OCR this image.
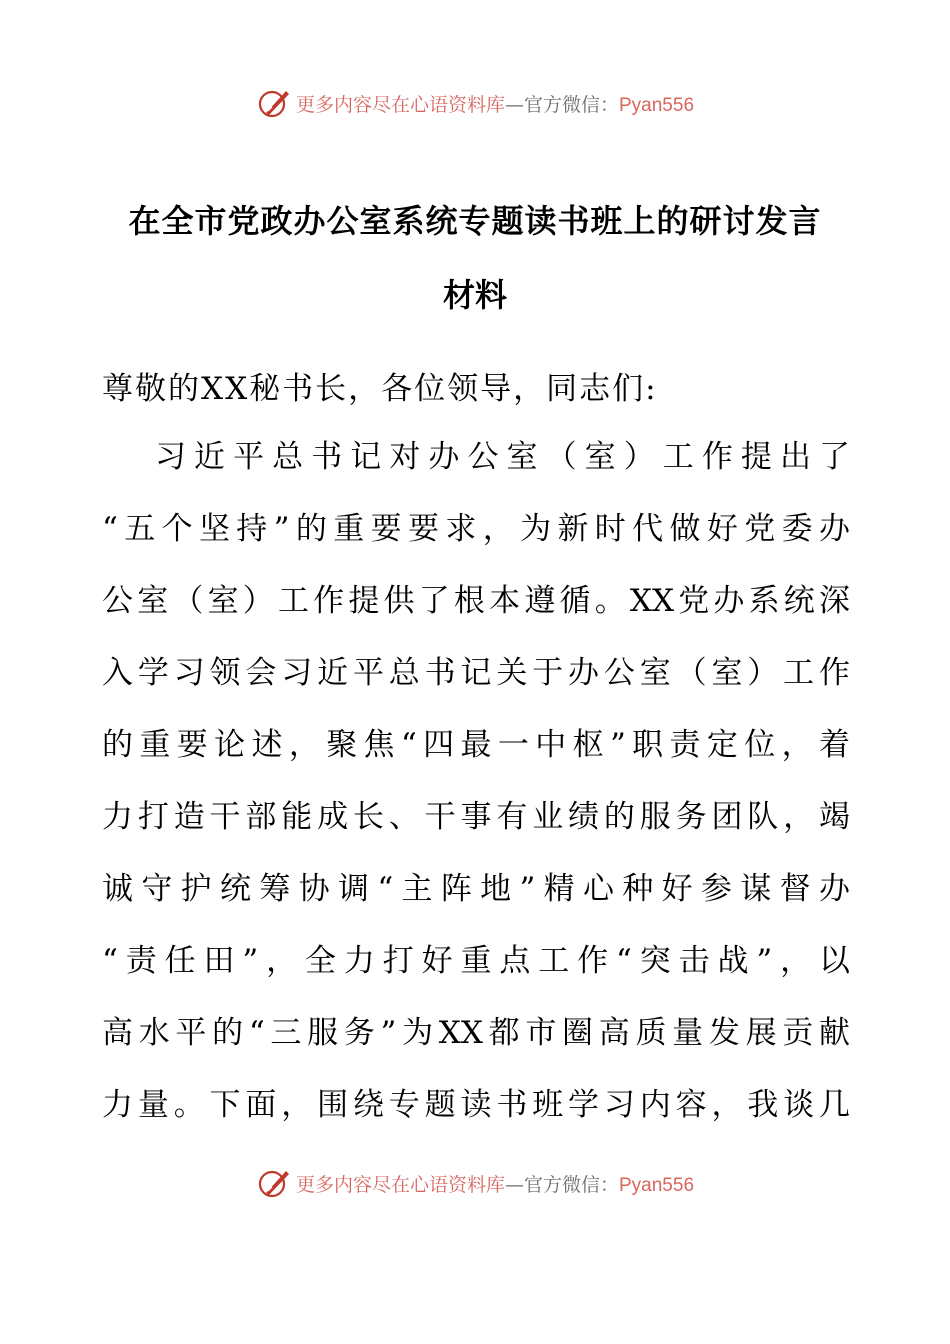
更多内容尽在心语资料库—官方微信：Pyan556
在全市党政办公室系统专题读书班上的研讨发言
材料
尊敬的XX秘书长，各位领导，同志们:
习近平总书记对办公室（室）工作提出了
“五个坚持”的重要要求，为新时代做好党委办
公室（室）工作提供了根本遵循。XX党办系统深
入学习领会习近平总书记关于办公室（室）工作
的重要论述，聚焦“四最一中枢”职责定位，着
力打造干部能成长、干事有业绩的服务团队，竭
诚守护统筹协调“主阵地”精心种好参谋督办
“责任田”，全力打好重点工作“突击战”，以
高水平的“三服务”为XX都市圈高质量发展贡献
力量。下面，围绕专题读书班学习内容，我谈几
更多内容尽在心语资料库—官方微信：Pyan556
